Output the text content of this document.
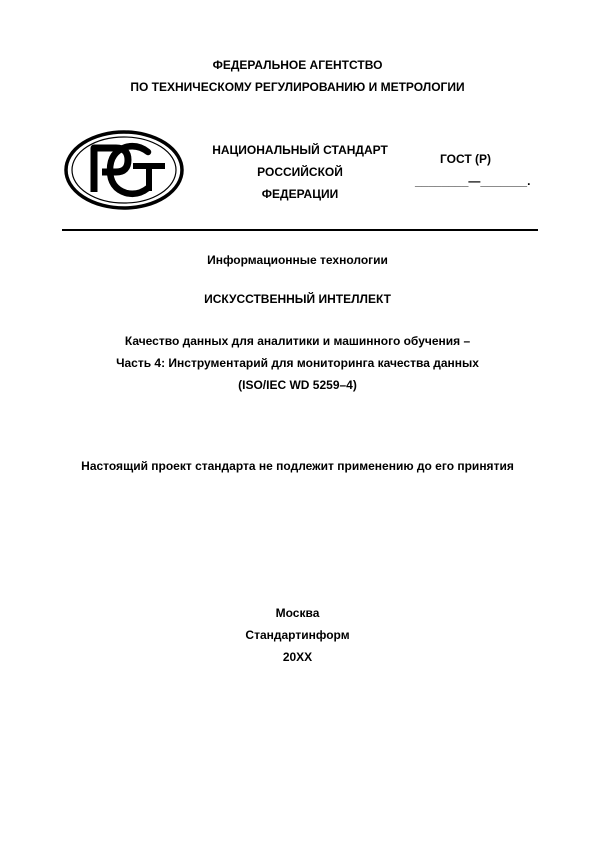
ФЕДЕРАЛЬНОЕ АГЕНТСТВО
ПО ТЕХНИЧЕСКОМУ РЕГУЛИРОВАНИЮ И МЕТРОЛОГИИ
НАЦИОНАЛЬНЫЙ СТАНДАРТ
РОССИЙСКОЙ
ФЕДЕРАЦИИ
ГОСТ (Р)
________—_______.
Информационные технологии
ИСКУССТВЕННЫЙ ИНТЕЛЛЕКТ
Качество данных для аналитики и машинного обучения –
Часть 4: Инструментарий для мониторинга качества данных
(ISO/IEC WD 5259–4)
Настоящий проект стандарта не подлежит применению до его принятия
Москва
Стандартинформ
20XX
